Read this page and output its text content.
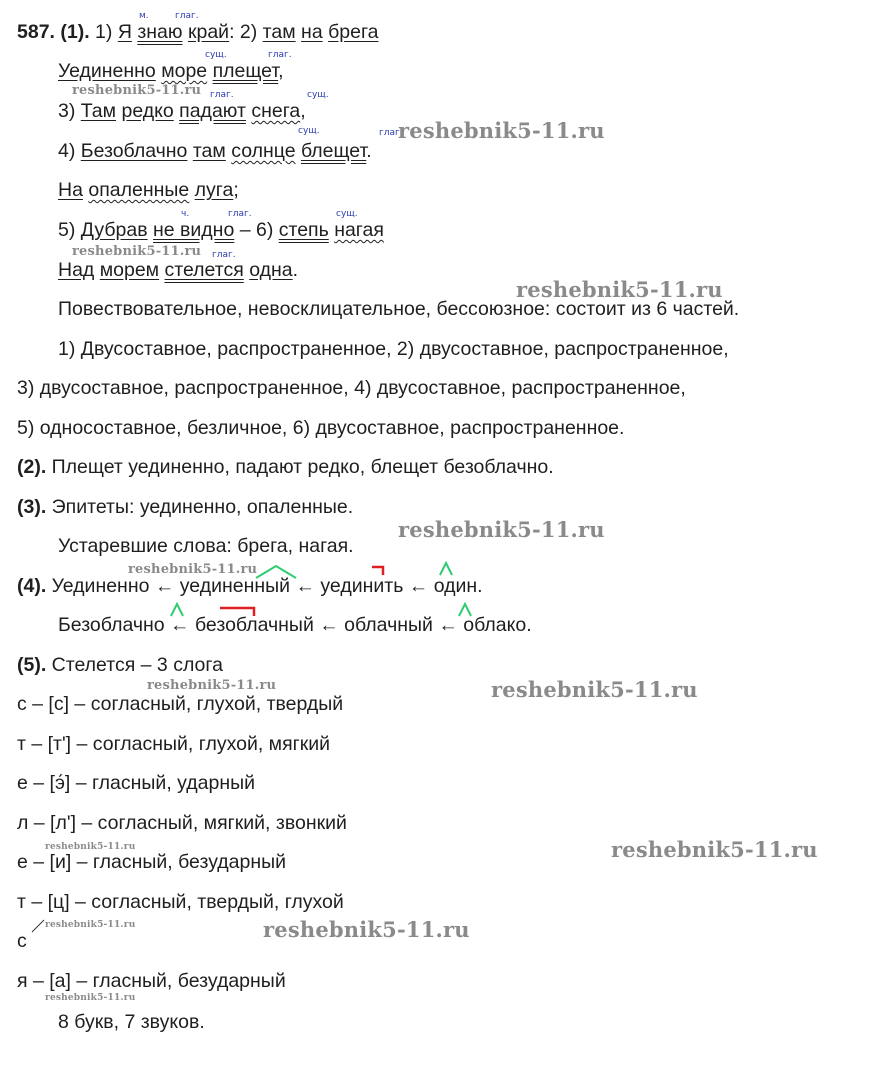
587. (1). 1) Я знаю край: 2) там на брега
Уединенно море плещет,
3) Там редко падают снега,
4) Безоблачно там солнце блещет.
На опаленные луга;
5) Дубрав не видно – 6) степь нагая
Над морем стелется одна.
Повествовательное, невосклицательное, бессоюзное: состоит из 6 частей.
1) Двусоставное, распространенное, 2) двусоставное, распространенное,
3) двусоставное, распространенное, 4) двусоставное, распространенное,
5) односоставное, безличное, 6) двусоставное, распространенное.
(2). Плещет уединенно, падают редко, блещет безоблачно.
(3). Эпитеты: уединенно, опаленные.
Устаревшие слова: брега, нагая.
(4). Уединенно ← уединенный ← уединить ← один.
Безоблачно ← безоблачный ← облачный ← облако.
(5). Стелется – 3 слога
с – [с] – согласный, глухой, твердый
т – [т'] – согласный, глухой, мягкий
е – [э́] – гласный, ударный
л – [л'] – согласный, мягкий, звонкий
е – [и] – гласный, безударный
т – [ц] – согласный, твердый, глухой
с
я – [а] – гласный, безударный
8 букв, 7 звуков.
м.	глаг.
сущ.	глаг.
глаг.	сущ.
сущ.	глаг.
ч.	глаг.	сущ.
глаг.
reshebnik5-11.ru
reshebnik5-11.ru
reshebnik5-11.ru
reshebnik5-11.ru
reshebnik5-11.ru
reshebnik5-11.ru
reshebnik5-11.ru
reshebnik5-11.ru
reshebnik5-11.ru
reshebnik5-11.ru
reshebnik5-11.ru
reshebnik5-11.ru
reshebnik5-11.ru
